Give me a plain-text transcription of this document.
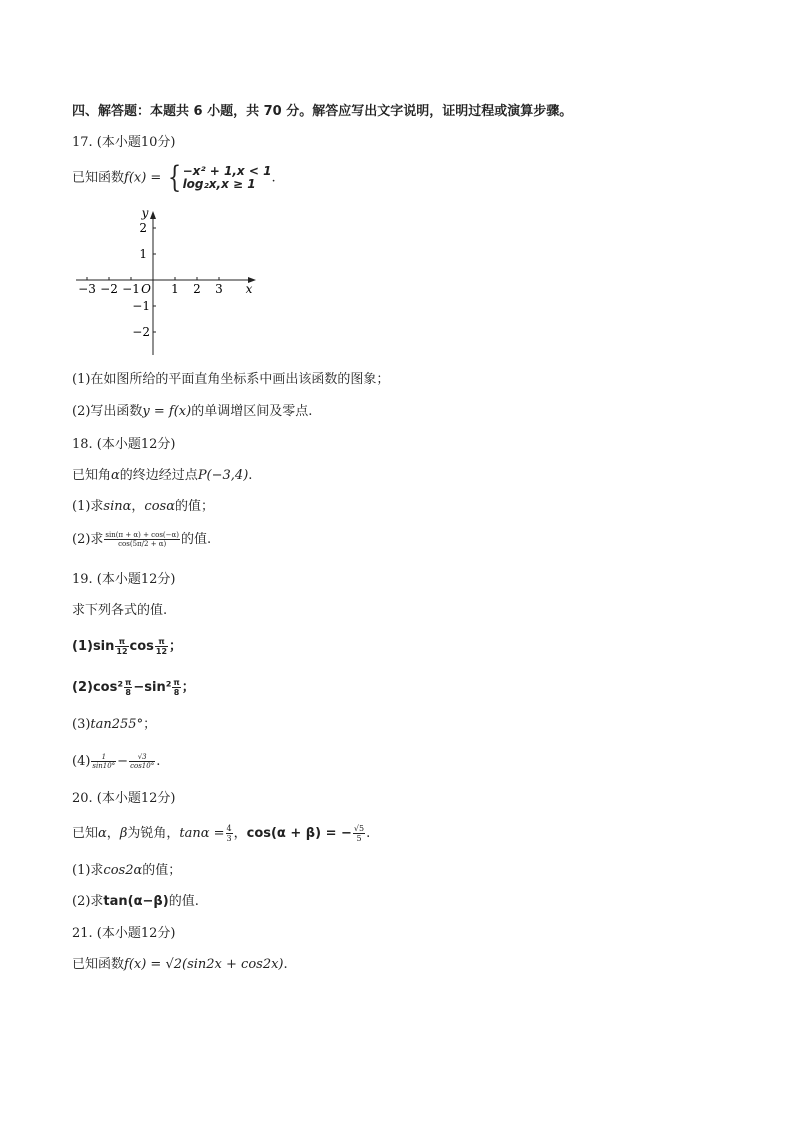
四、解答题：本题共 6 小题，共 70 分。解答应写出文字说明，证明过程或演算步骤。
17. (本小题10分)
已知函数f(x) = { −x² + 1,x < 1
log₂x,x ≥ 1	.
−3 −2 −1	1 2 3
O
2
1
−1
−2
x
y
(1)在如图所给的平面直角坐标系中画出该函数的图象；
(2)写出函数y = f(x)的单调增区间及零点.
18. (本小题12分)
已知角α的终边经过点P(−3,4).
(1)求sinα，cosα的值；
(2)求 $\frac{\sin(\pi + \alpha) + \cos(-\alpha)}{\cos(5\pi/2 + \alpha)}$ 的值.
19. (本小题12分)
求下列各式的值.
$(1)\sin \frac{\pi}{12}$ $\cos \frac{\pi}{12}$ ；
$(2)\cos^2 \frac{\pi}{8} -\sin^2 \frac{\pi}{8}$ ；
(3)tan255°；
$(4) \frac{1}{\sin 10^\circ} - \frac{√3}{\cos 10^\circ}$ .
20. (本小题12分)
已知α，β为锐角，$\tan\alpha = \frac{4}{3}$ ，cos(α + β) = − $\frac{√5}{5}$ .
(1)求cos2α的值；
(2)求tan(α−β)的值.
21. (本小题12分)
已知函数f(x) = √2(sin2x + cos2x).
